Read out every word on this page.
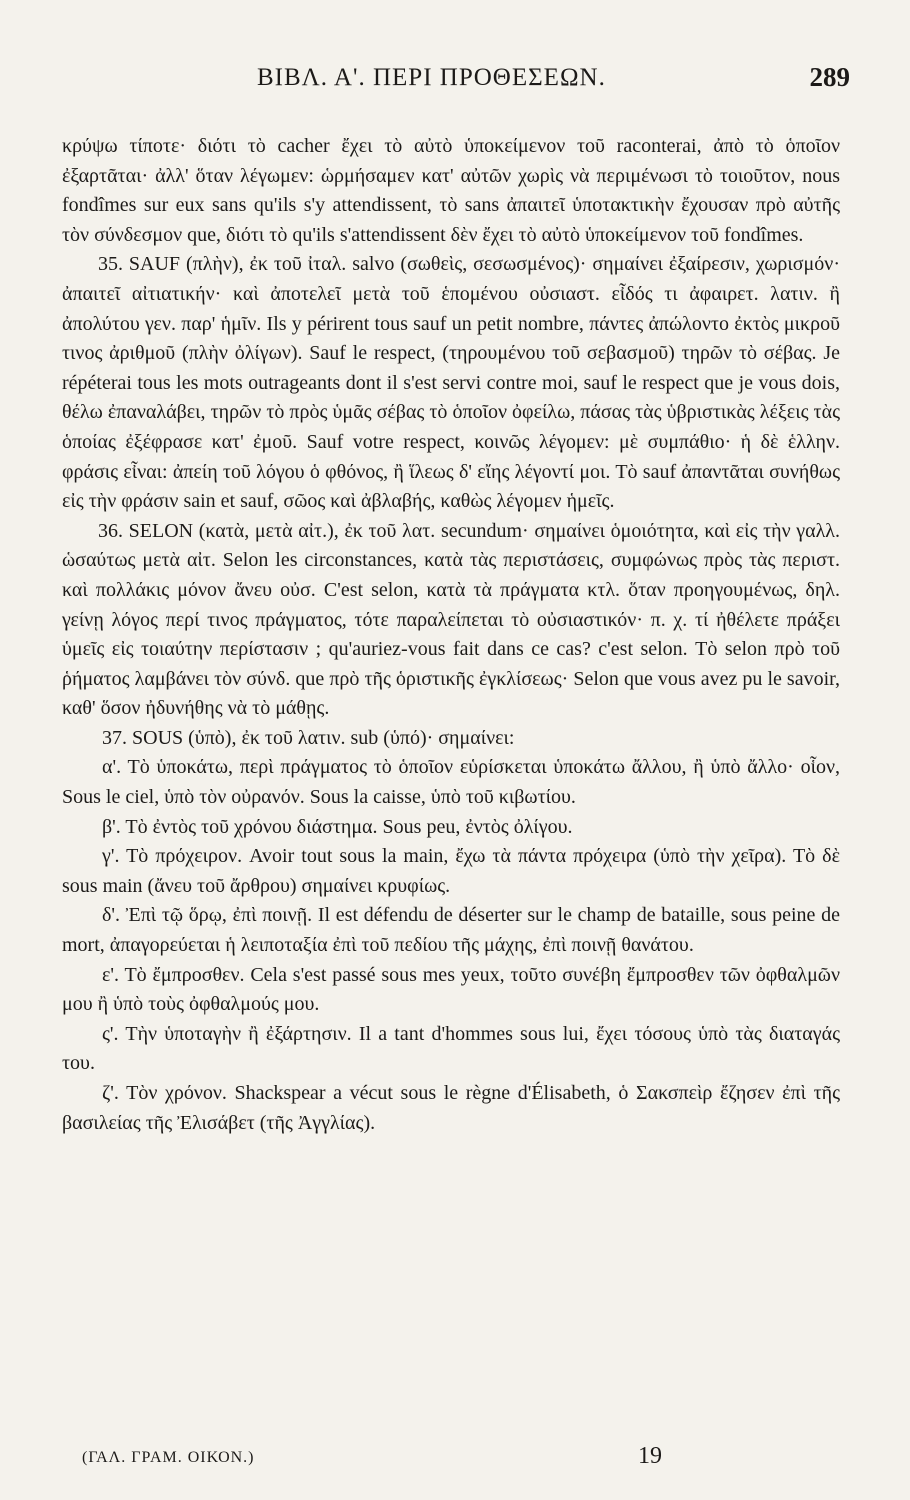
ΒΙΒΛ. Α'. ΠΕΡΙ ΠΡΟΘΕΣΕΩΝ.	289

κρύψω τίποτε· διότι τὸ cacher ἔχει τὸ αὐτὸ ὑποκείμενον τοῦ raconterai, ἀπὸ τὸ ὁποῖον ἐξαρτᾶται· ἀλλ' ὅταν λέγωμεν: ὡρμήσαμεν κατ' αὐτῶν χωρὶς νὰ περιμένωσι τὸ τοιοῦτον, nous fondîmes sur eux sans qu'ils s'y attendissent, τὸ sans ἀπαιτεῖ ὑποτακτικὴν ἔχουσαν πρὸ αὐτῆς τὸν σύνδεσμον que, διότι τὸ qu'ils s'attendissent δὲν ἔχει τὸ αὐτὸ ὑποκείμενον τοῦ fondîmes.

35. SAUF (πλὴν), ἐκ τοῦ ἰταλ. salvo (σωθεὶς, σεσωσμένος)· σημαίνει ἐξαίρεσιν, χωρισμόν· ἀπαιτεῖ αἰτιατικήν· καὶ ἀποτελεῖ μετὰ τοῦ ἑπομένου οὐσιαστ. εἶδός τι ἀφαιρετ. λατιν. ἢ ἀπολύτου γεν. παρ' ἡμῖν. Ils y périrent tous sauf un petit nombre, πάντες ἀπώλοντο ἐκτὸς μικροῦ τινος ἀριθμοῦ (πλὴν ὀλίγων). Sauf le respect, (τηρουμένου τοῦ σεβασμοῦ) τηρῶν τὸ σέβας. Je répéterai tous les mots outrageants dont il s'est servi contre moi, sauf le respect que je vous dois, θέλω ἐπαναλάβει, τηρῶν τὸ πρὸς ὑμᾶς σέβας τὸ ὁποῖον ὀφείλω, πάσας τὰς ὑβριστικὰς λέξεις τὰς ὁποίας ἐξέφρασε κατ' ἐμοῦ. Sauf votre respect, κοινῶς λέγομεν: μὲ συμπάθιο· ἡ δὲ ἑλλην. φράσις εἶναι: ἀπείη τοῦ λόγου ὁ φθόνος, ἢ ἵλεως δ' εἴης λέγοντί μοι. Τὸ sauf ἀπαντᾶται συνήθως εἰς τὴν φράσιν sain et sauf, σῶος καὶ ἀβλαβής, καθὼς λέγομεν ἡμεῖς.

36. SELON (κατὰ, μετὰ αἰτ.), ἐκ τοῦ λατ. secundum· σημαίνει ὁμοιότητα, καὶ εἰς τὴν γαλλ. ὡσαύτως μετὰ αἰτ. Selon les circonstances, κατὰ τὰς περιστάσεις, συμφώνως πρὸς τὰς περιστ. καὶ πολλάκις μόνον ἄνευ οὐσ. C'est selon, κατὰ τὰ πράγματα κτλ. ὅταν προηγουμένως, δηλ. γείνῃ λόγος περί τινος πράγματος, τότε παραλείπεται τὸ οὐσιαστικόν· π. χ. τί ἠθέλετε πράξει ὑμεῖς εἰς τοιαύτην περίστασιν ; qu'auriez-vous fait dans ce cas? c'est selon. Τὸ selon πρὸ τοῦ ῥήματος λαμβάνει τὸν σύνδ. que πρὸ τῆς ὁριστικῆς ἐγκλίσεως· Selon que vous avez pu le savoir, καθ' ὅσον ἠδυνήθης νὰ τὸ μάθῃς.

37. SOUS (ὑπὸ), ἐκ τοῦ λατιν. sub (ὑπό)· σημαίνει:

α'. Τὸ ὑποκάτω, περὶ πράγματος τὸ ὁποῖον εὑρίσκεται ὑποκάτω ἄλλου, ἢ ὑπὸ ἄλλο· οἷον, Sous le ciel, ὑπὸ τὸν οὐρανόν. Sous la caisse, ὑπὸ τοῦ κιβωτίου.

β'. Τὸ ἐντὸς τοῦ χρόνου διάστημα. Sous peu, ἐντὸς ὀλίγου.

γ'. Τὸ πρόχειρον. Avoir tout sous la main, ἔχω τὰ πάντα πρόχειρα (ὑπὸ τὴν χεῖρα). Τὸ δὲ sous main (ἄνευ τοῦ ἄρθρου) σημαίνει κρυφίως.

δ'. Ἐπὶ τῷ ὅρῳ, ἐπὶ ποινῇ. Il est défendu de déserter sur le champ de bataille, sous peine de mort, ἀπαγορεύεται ἡ λειποταξία ἐπὶ τοῦ πεδίου τῆς μάχης, ἐπὶ ποινῇ θανάτου.

ε'. Τὸ ἔμπροσθεν. Cela s'est passé sous mes yeux, τοῦτο συνέβη ἔμπροσθεν τῶν ὀφθαλμῶν μου ἢ ὑπὸ τοὺς ὀφθαλμούς μου.

ς'. Τὴν ὑποταγὴν ἢ ἐξάρτησιν. Il a tant d'hommes sous lui, ἔχει τόσους ὑπὸ τὰς διαταγάς του.

ζ'. Τὸν χρόνον. Shackspear a vécut sous le règne d'Élisabeth, ὁ Σακσπεὶρ ἔζησεν ἐπὶ τῆς βασιλείας τῆς Ἐλισάβετ (τῆς Ἀγγλίας).

(ΓΑΛ. ΓΡΑΜ. ΟΙΚΟΝ.)	19
